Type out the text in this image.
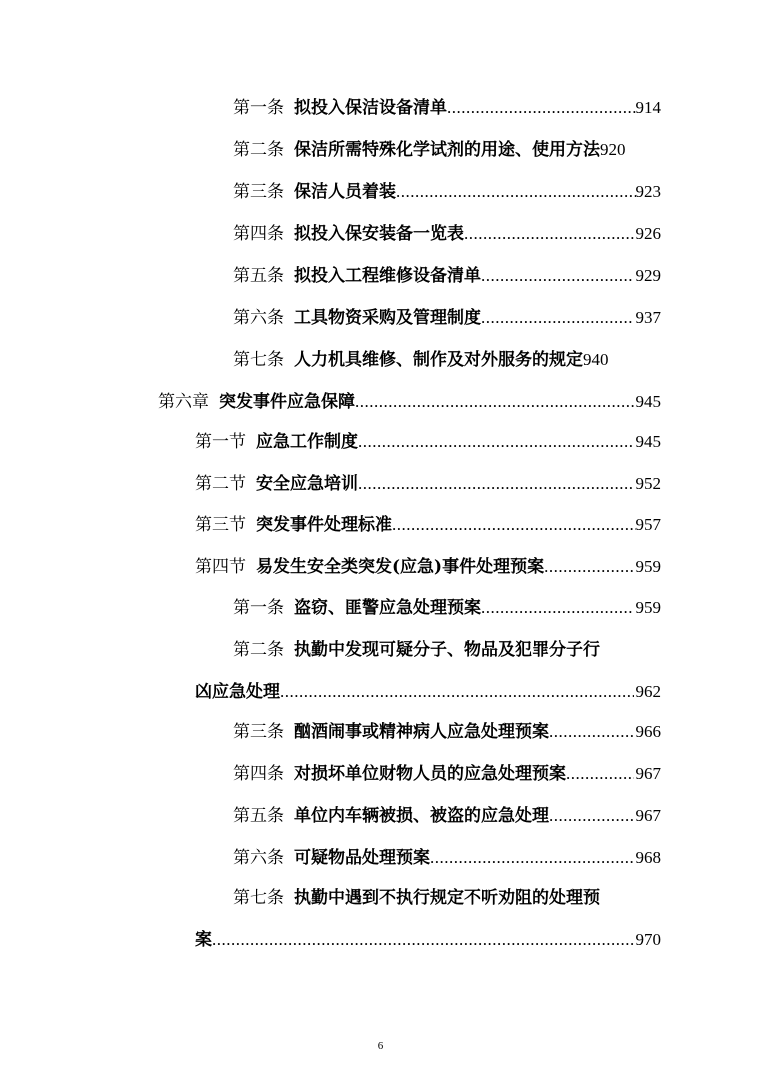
第一条 拟投入保洁设备清单 .....	914
第二条 保洁所需特殊化学试剂的用途、使用方法 920
第三条 保洁人员着装 .....	923
第四条 拟投入保安装备一览表 .....	926
第五条 拟投入工程维修设备清单 .....	929
第六条 工具物资采购及管理制度 .....	937
第七条 人力机具维修、制作及对外服务的规定 940
第六章 突发事件应急保障 .....	945
第一节 应急工作制度 .....	945
第二节 安全应急培训 .....	952
第三节 突发事件处理标准 .....	957
第四节 易发生安全类突发(应急)事件处理预案 .....	959
第一条 盗窃、匪警应急处理预案 .....	959
第二条 执勤中发现可疑分子、物品及犯罪分子行
凶应急处理 .....	962
第三条 酗酒闹事或精神病人应急处理预案 .....	966
第四条 对损坏单位财物人员的应急处理预案 .....	967
第五条 单位内车辆被损、被盗的应急处理 .....	967
第六条 可疑物品处理预案 .....	968
第七条 执勤中遇到不执行规定不听劝阻的处理预
案 .....	970
6
